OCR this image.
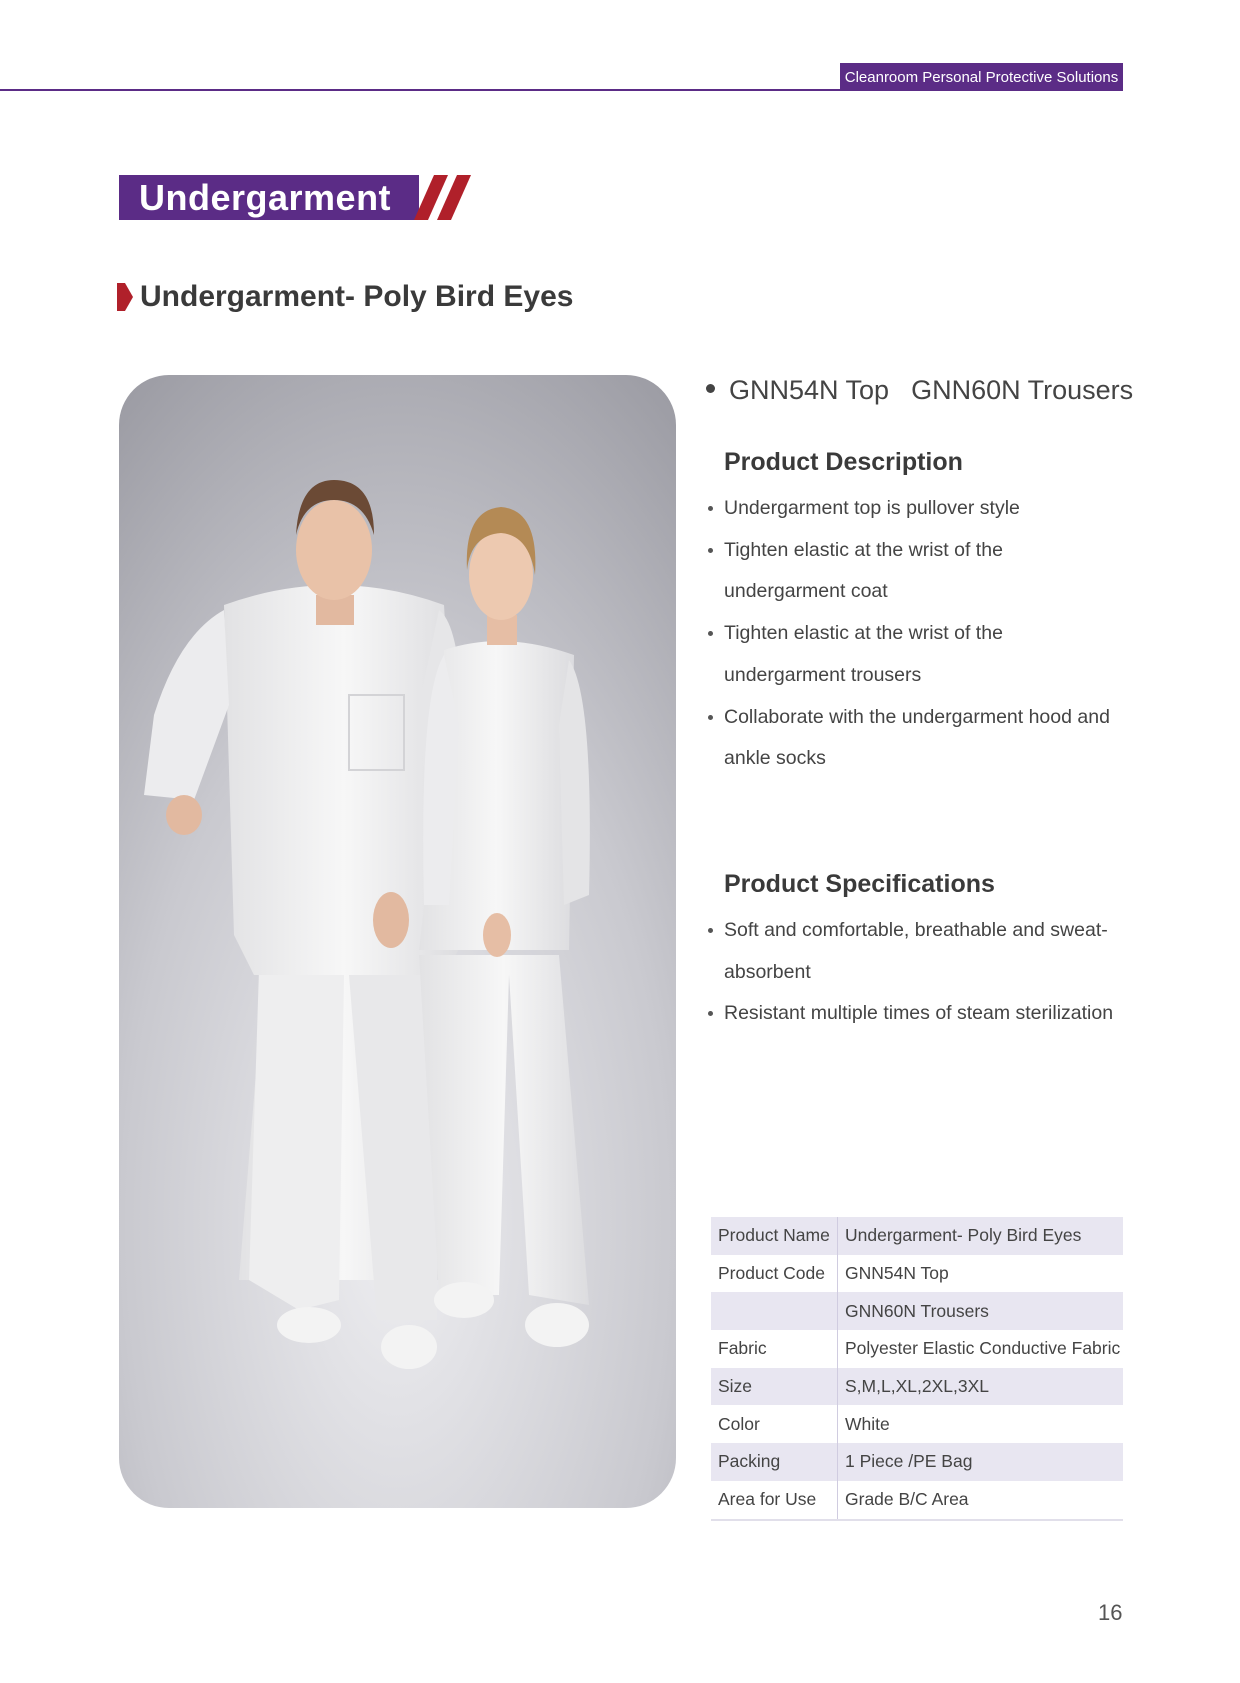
Cleanroom Personal Protective Solutions
Undergarment
Undergarment- Poly Bird Eyes
GNN54N Top GNN60N Trousers
Product Description
Undergarment top is pullover style
Tighten elastic at the wrist of the undergarment coat
Tighten elastic at the wrist of the undergarment trousers
Collaborate with the undergarment hood and ankle socks
Product Specifications
Soft and comfortable, breathable and sweat-absorbent
Resistant multiple times of steam sterilization
Product Name	Undergarment- Poly Bird Eyes
Product Code	GNN54N Top
	GNN60N Trousers
Fabric	Polyester Elastic Conductive Fabric
Size	S,M,L,XL,2XL,3XL
Color	White
Packing	1 Piece /PE Bag
Area for Use	Grade B/C Area
16
